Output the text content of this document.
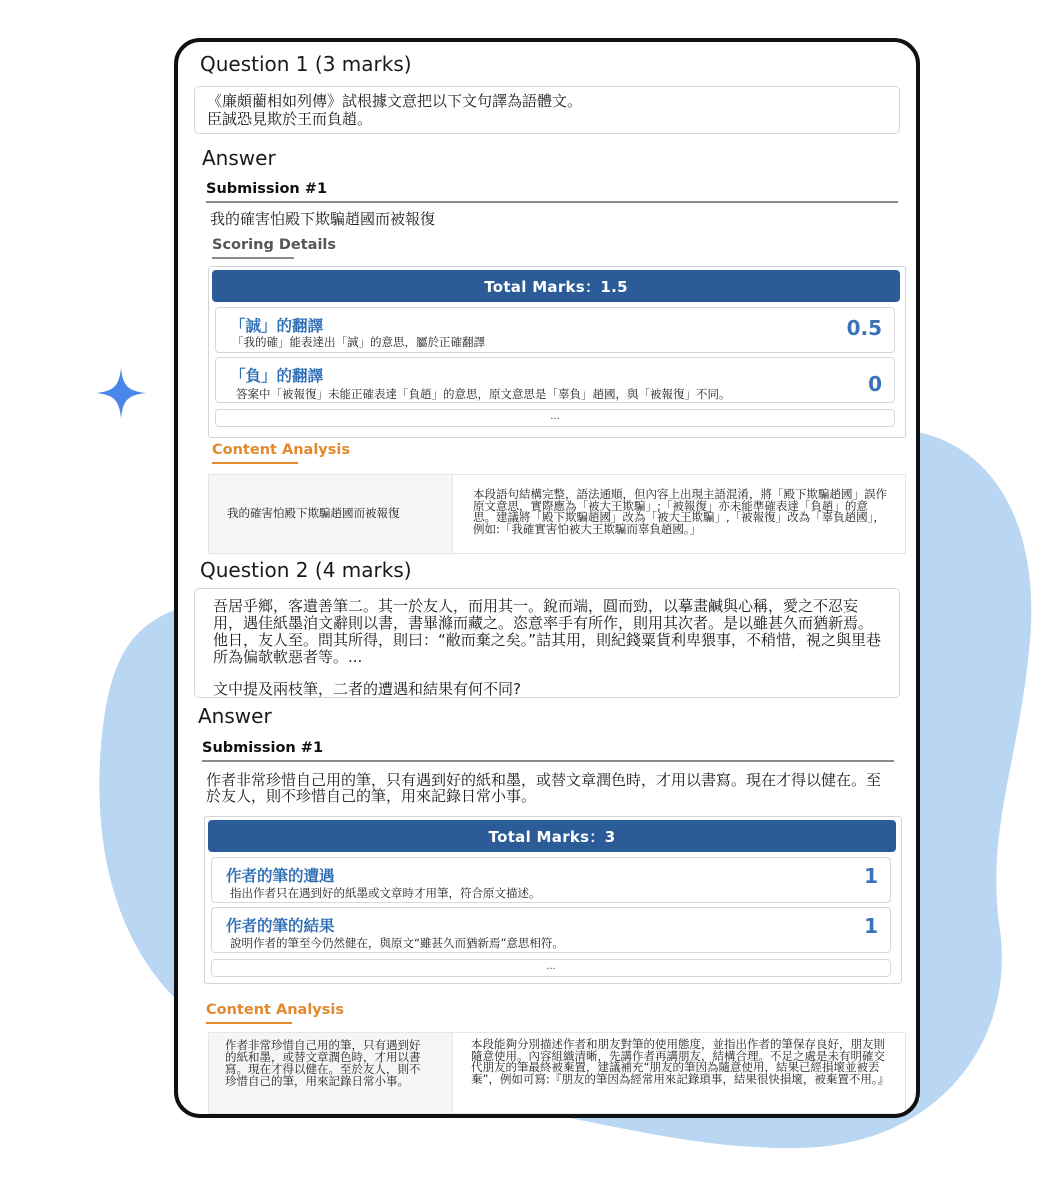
Question 1 (3 marks)

《廉頗藺相如列傳》試根據文意把以下文句譯為語體文。

臣誠恐見欺於王而負趙。

Answer
Submission #1
我的確害怕殿下欺騙趙國而被報復
Scoring Details
Total Marks：1.5
「誠」的翻譯
「我的確」能表達出「誠」的意思，屬於正確翻譯
0.5
「負」的翻譯
答案中「被報復」未能正確表達「負趙」的意思，原文意思是「辜負」趙國，與「被報復」不同。	0
...
Content Analysis
我的確害怕殿下欺騙趙國而被報復
本段語句結構完整，語法通順，但內容上出現主語混淆，將「殿下欺騙趙國」誤作原文意思，實際應為「被大王欺騙」;「被報復」亦未能準確表達「負趙」的意思。建議將「殿下欺騙趙國」改為「被大王欺騙」,「被報復」改為「辜負趙國」，例如:「我確實害怕被大王欺騙而辜負趙國。」
Question 2 (4 marks)

吾居乎鄉，客遺善筆二。其一於友人，而用其一。銳而端，圓而勁，以摹畫鹹與心稱，愛之不忍妄用，遇佳紙墨洎文辭則以書，書畢滌而藏之。恣意率手有所作，則用其次者。是以雖甚久而猶新焉。他日，友人至。問其所得，則曰：“敝而棄之矣。”詰其用，則紀錢粟貨利卑猥事，不稍惜，視之與里巷所為偏欹軟惡者等。...

文中提及兩枝筆，二者的遭遇和結果有何不同?

Answer
Submission #1
作者非常珍惜自己用的筆，只有遇到好的紙和墨，或替文章潤色時，才用以書寫。現在才得以健在。至於友人，則不珍惜自己的筆，用來記錄日常小事。
Total Marks：3
作者的筆的遭遇
指出作者只在遇到好的紙墨或文章時才用筆，符合原文描述。
1
作者的筆的結果
說明作者的筆至今仍然健在，與原文“雖甚久而猶新焉”意思相符。
1
...
Content Analysis
作者非常珍惜自己用的筆，只有遇到好的紙和墨，或替文章潤色時，才用以書寫。現在才得以健在。至於友人，則不珍惜自己的筆，用來記錄日常小事。
本段能夠分別描述作者和朋友對筆的使用態度，並指出作者的筆保存良好，朋友則隨意使用。內容組織清晰，先講作者再講朋友，結構合理。不足之處是未有明確交代朋友的筆最終被棄置，建議補充“朋友的筆因為隨意使用，結果已經損壞並被丟棄”，例如可寫:『朋友的筆因為經常用來記錄瑣事，結果很快損壞，被棄置不用。』
